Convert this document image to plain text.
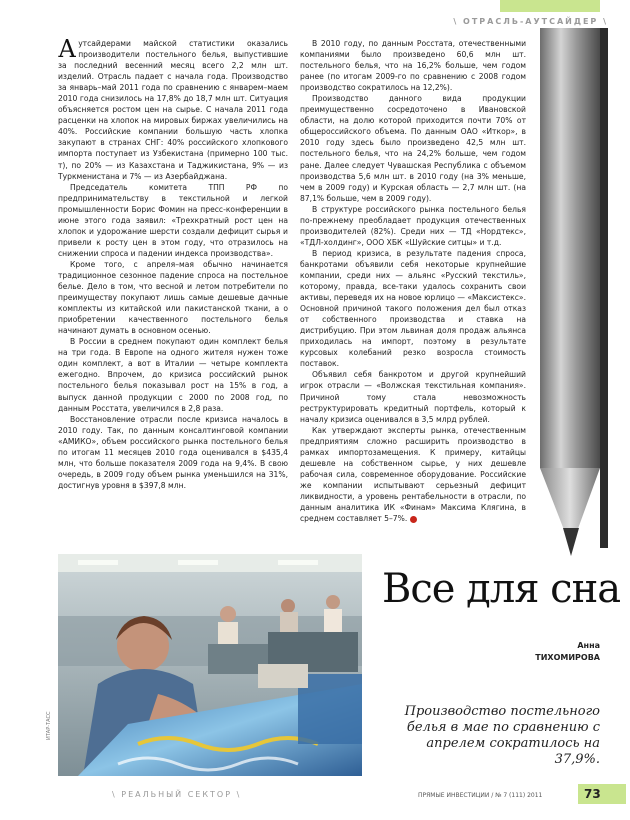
\ ОТРАСЛЬ-АУТСАЙДЕР \

Аутсайдерами майской статистики оказались производители постельного белья, выпустившие за последний весенний месяц всего 2,2 млн шт. изделий. Отрасль падает с начала года. Производство за январь–май 2011 года по сравнению с январем–маем 2010 года снизилось на 17,8% до 18,7 млн шт. Ситуация объясняется ростом цен на сырье. С начала 2011 года расценки на хлопок на мировых биржах увеличились на 40%. Российские компании большую часть хлопка закупают в странах СНГ: 40% российского хлопкового импорта поступает из Узбекистана (примерно 100 тыс. т), по 20% — из Казахстана и Таджикистана, 9% — из Туркменистана и 7% — из Азербайджана.

Председатель комитета ТПП РФ по предпринимательству в текстильной и легкой промышленности Борис Фомин на пресс-конференции в июне этого года заявил: «Трехкратный рост цен на хлопок и удорожание шерсти создали дефицит сырья и привели к росту цен в этом году, что отразилось на снижении спроса и падении индекса производства».

Кроме того, с апреля–мая обычно начинается традиционное сезонное падение спроса на постельное белье. Дело в том, что весной и летом потребители по преимуществу покупают лишь самые дешевые дачные комплекты из китайской или пакистанской ткани, а о приобретении качественного постельного белья начинают думать в основном осенью.

В России в среднем покупают один комплект белья на три года. В Европе на одного жителя нужен тоже один комплект, а вот в Италии — четыре комплекта ежегодно. Впрочем, до кризиса российский рынок постельного белья показывал рост на 15% в год, а выпуск данной продукции с 2000 по 2008 год, по данным Росстата, увеличился в 2,8 раза.

Восстановление отрасли после кризиса началось в 2010 году. Так, по данным консалтинговой компании «АМИКО», объем российского рынка постельного белья по итогам 11 месяцев 2010 года оценивался в $435,4 млн, что больше показателя 2009 года на 9,4%. В свою очередь, в 2009 году объем рынка уменьшился на 31%, достигнув уровня в $397,8 млн.

В 2010 году, по данным Росстата, отечественными компаниями было произведено 60,6 млн шт. постельного белья, что на 16,2% больше, чем годом ранее (по итогам 2009-го по сравнению с 2008 годом производство сократилось на 12,2%).

Производство данного вида продукции преимущественно сосредоточено в Ивановской области, на долю которой приходится почти 70% от общероссийского объема. По данным ОАО «Иткор», в 2010 году здесь было произведено 42,5 млн шт. постельного белья, что на 24,2% больше, чем годом ране. Далее следует Чувашская Республика с объемом производства 5,6 млн шт. в 2010 году (на 3% меньше, чем в 2009 году) и Курская область — 2,7 млн шт. (на 87,1% больше, чем в 2009 году).

В структуре российского рынка постельного белья по-прежнему преобладает продукция отечественных производителей (82%). Среди них — ТД «Нордтекс», «ТДЛ-холдинг», ООО ХБК «Шуйские ситцы» и т.д.

В период кризиса, в результате падения спроса, банкротами объявили себя некоторые крупнейшие компании, среди них — альянс «Русский текстиль», которому, правда, все-таки удалось сохранить свои активы, переведя их на новое юрлицо — «Максистекс». Основной причиной такого положения дел был отказ от собственного производства и ставка на дистрибуцию. При этом львиная доля продаж альянса приходилась на импорт, поэтому в результате курсовых колебаний резко возросла стоимость поставок.

Объявил себя банкротом и другой крупнейший игрок отрасли — «Волжская текстильная компания». Причиной тому стала невозможность реструктурировать кредитный портфель, который к началу кризиса оценивался в 3,5 млрд рублей.

Как утверждают эксперты рынка, отечественным предприятиям сложно расширить производство в рамках импортозамещения. К примеру, китайцы дешевле на собственном сырье, у них дешевле рабочая сила, современное оборудование. Российские же компании испытывают серьезный дефицит ликвидности, а уровень рентабельности в отрасли, по данным аналитика ИК «Финам» Максима Клягина, в среднем составляет 5–7%.

ИТАР-ТАСС
Все для сна
Анна
ТИХОМИРОВА
Производство постельного белья в мае по сравнению с апрелем сократилось на 37,9%.
\ РЕАЛЬНЫЙ СЕКТОР \	ПРЯМЫЕ ИНВЕСТИЦИИ / № 7 (111) 2011	73
